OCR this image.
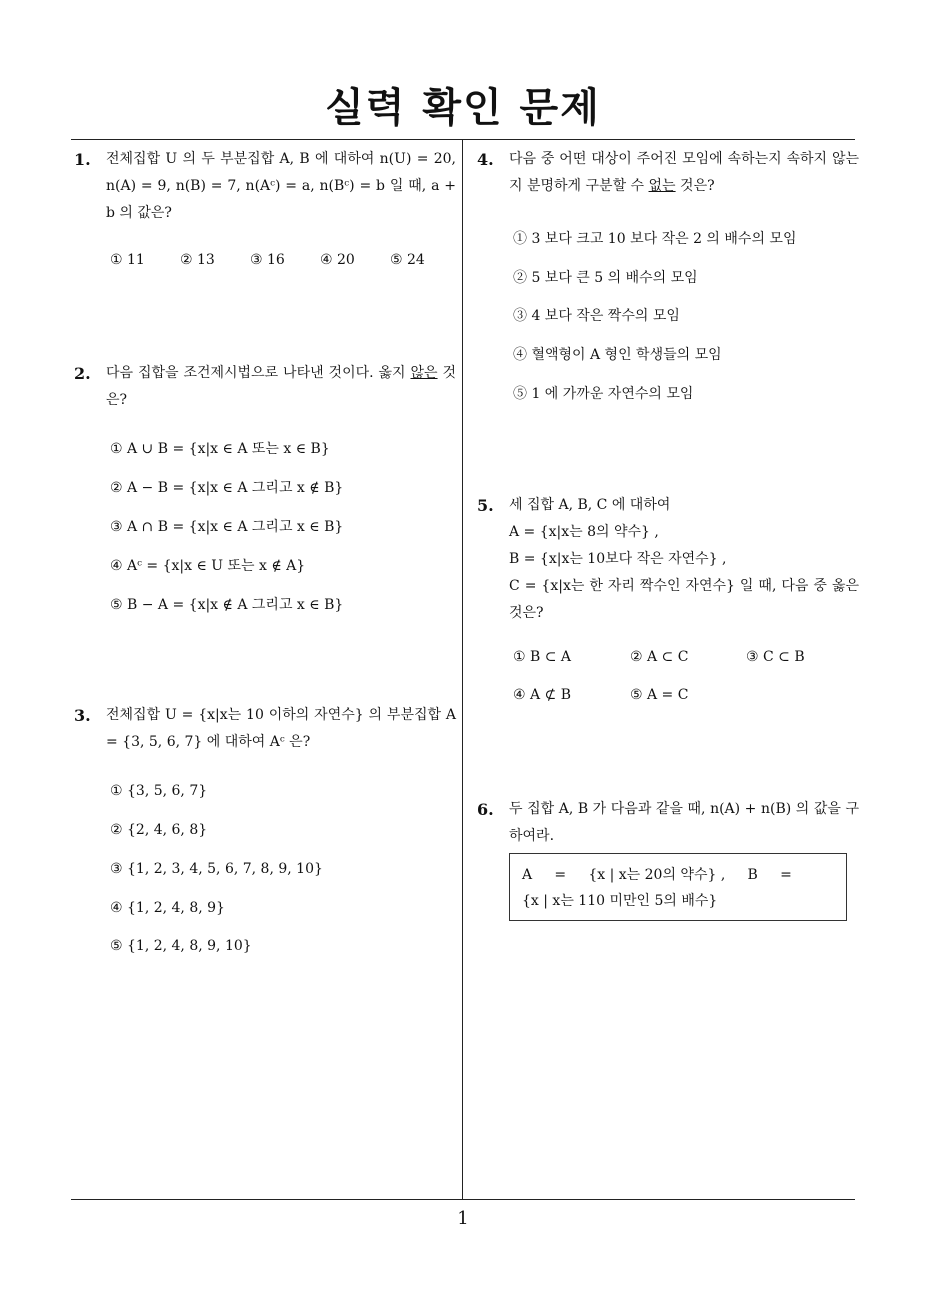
실력 확인 문제
1
1. 전체집합 U 의 두 부분집합 A, B 에 대하여 n(U) = 20, n(A) = 9, n(B) = 7, n(Aᶜ) = a, n(Bᶜ) = b 일 때, a + b 의 값은?
① 11	② 13	③ 16	④ 20	⑤ 24
2. 다음 집합을 조건제시법으로 나타낸 것이다. 옳지 않은 것은?
① A ∪ B = {x|x ∈ A 또는 x ∈ B}
② A − B = {x|x ∈ A 그리고 x ∉ B}
③ A ∩ B = {x|x ∈ A 그리고 x ∈ B}
④ Aᶜ = {x|x ∈ U 또는 x ∉ A}
⑤ B − A = {x|x ∉ A 그리고 x ∈ B}
3. 전체집합 U = {x|x는 10 이하의 자연수} 의 부분집합 A = {3, 5, 6, 7} 에 대하여 Aᶜ 은?
① {3, 5, 6, 7}
② {2, 4, 6, 8}
③ {1, 2, 3, 4, 5, 6, 7, 8, 9, 10}
④ {1, 2, 4, 8, 9}
⑤ {1, 2, 4, 8, 9, 10}
4. 다음 중 어떤 대상이 주어진 모임에 속하는지 속하지 않는지 분명하게 구분할 수 없는 것은?
① 3 보다 크고 10 보다 작은 2 의 배수의 모임
② 5 보다 큰 5 의 배수의 모임
③ 4 보다 작은 짝수의 모임
④ 혈액형이 A 형인 학생들의 모임
⑤ 1 에 가까운 자연수의 모임
5. 세 집합 A, B, C 에 대하여
A = {x|x는 8의 약수} ,
B = {x|x는 10보다 작은 자연수} ,
C = {x|x는 한 자리 짝수인 자연수} 일 때, 다음 중 옳은 것은?
① B ⊂ A	② A ⊂ C	③ C ⊂ B
④ A ⊄ B	⑤ A = C
6. 두 집합 A, B 가 다음과 같을 때, n(A) + n(B) 의 값을 구하여라.
A     =     {x | x는 20의 약수} ,     B     =
{x | x는 110 미만인 5의 배수}
